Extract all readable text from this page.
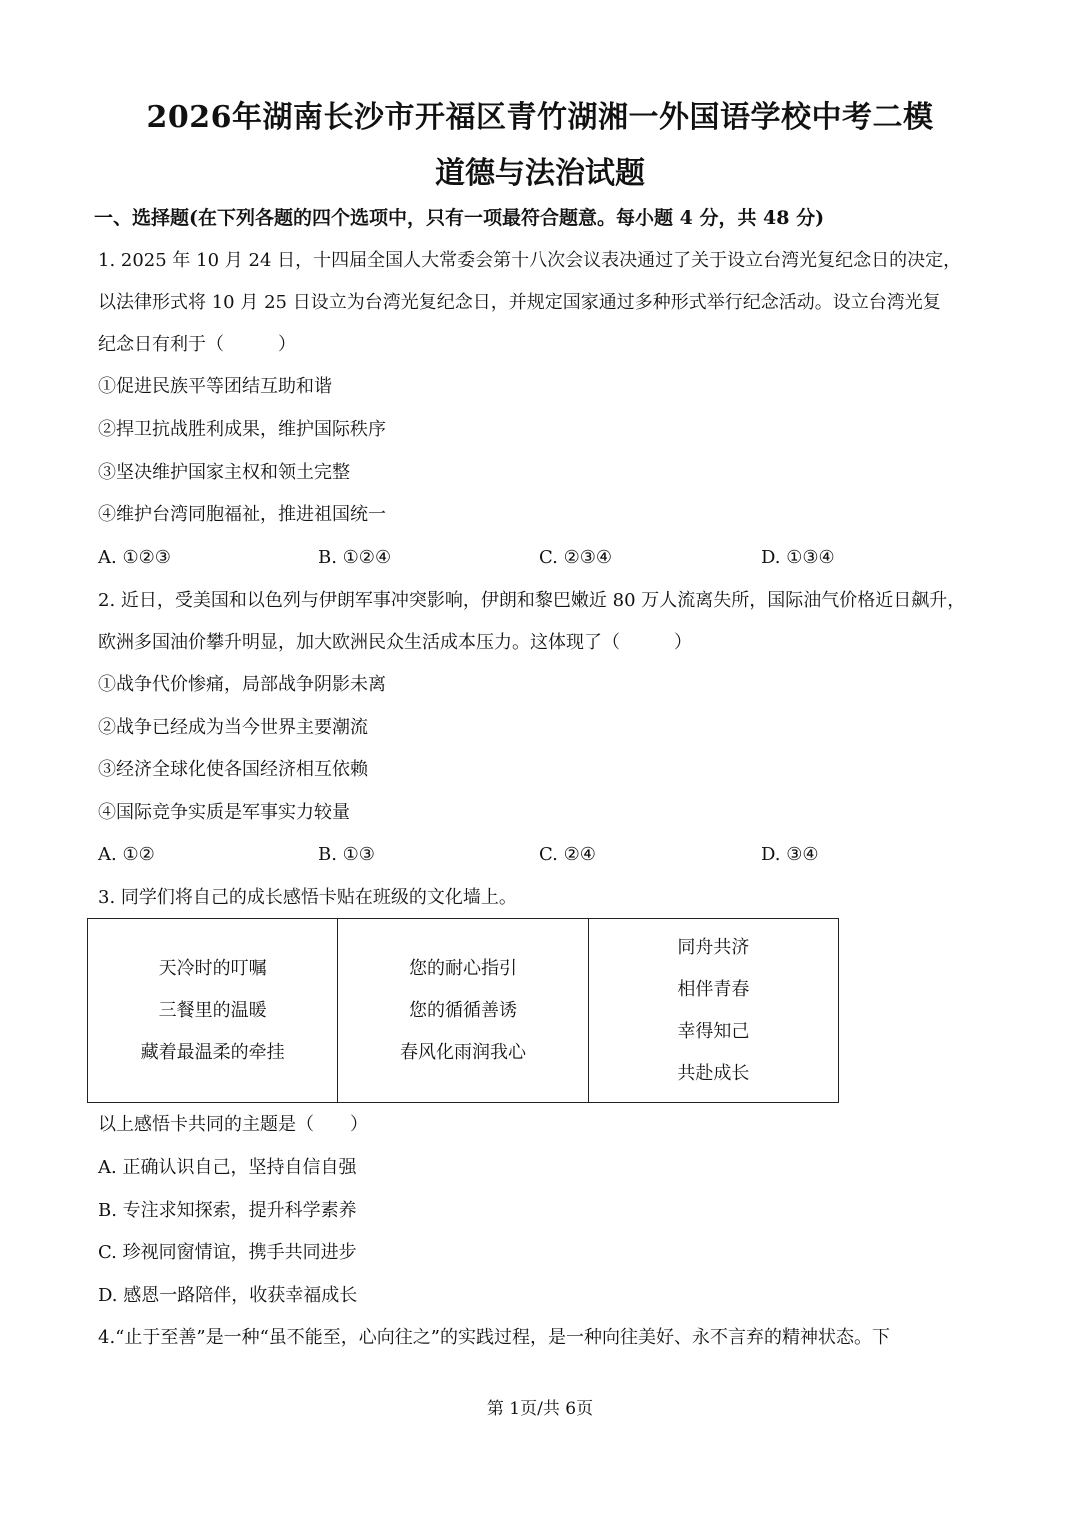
2026年湖南长沙市开福区青竹湖湘一外国语学校中考二模
道德与法治试题
一、选择题(在下列各题的四个选项中，只有一项最符合题意。每小题 4 分，共 48 分)
1. 2025 年 10 月 24 日，十四届全国人大常委会第十八次会议表决通过了关于设立台湾光复纪念日的决定，
以法律形式将 10 月 25 日设立为台湾光复纪念日，并规定国家通过多种形式举行纪念活动。设立台湾光复
纪念日有利于（　　　）
①促进民族平等团结互助和谐
②捍卫抗战胜利成果，维护国际秩序
③坚决维护国家主权和领土完整
④维护台湾同胞福祉，推进祖国统一
A. ①②③	B. ①②④	C. ②③④	D. ①③④
2. 近日，受美国和以色列与伊朗军事冲突影响，伊朗和黎巴嫩近 80 万人流离失所，国际油气价格近日飙升，
欧洲多国油价攀升明显，加大欧洲民众生活成本压力。这体现了（　　　）
①战争代价惨痛，局部战争阴影未离
②战争已经成为当今世界主要潮流
③经济全球化使各国经济相互依赖
④国际竞争实质是军事实力较量
A. ①②	B. ①③	C. ②④	D. ③④
3. 同学们将自己的成长感悟卡贴在班级的文化墙上。
天冷时的叮嘱
三餐里的温暖
藏着最温柔的牵挂

您的耐心指引
您的循循善诱
春风化雨润我心

同舟共济
相伴青春
幸得知己
共赴成长
以上感悟卡共同的主题是（　　）
A. 正确认识自己，坚持自信自强
B. 专注求知探索，提升科学素养
C. 珍视同窗情谊，携手共同进步
D. 感恩一路陪伴，收获幸福成长
4.“止于至善”是一种“虽不能至，心向往之”的实践过程，是一种向往美好、永不言弃的精神状态。下
第 1页/共 6页
